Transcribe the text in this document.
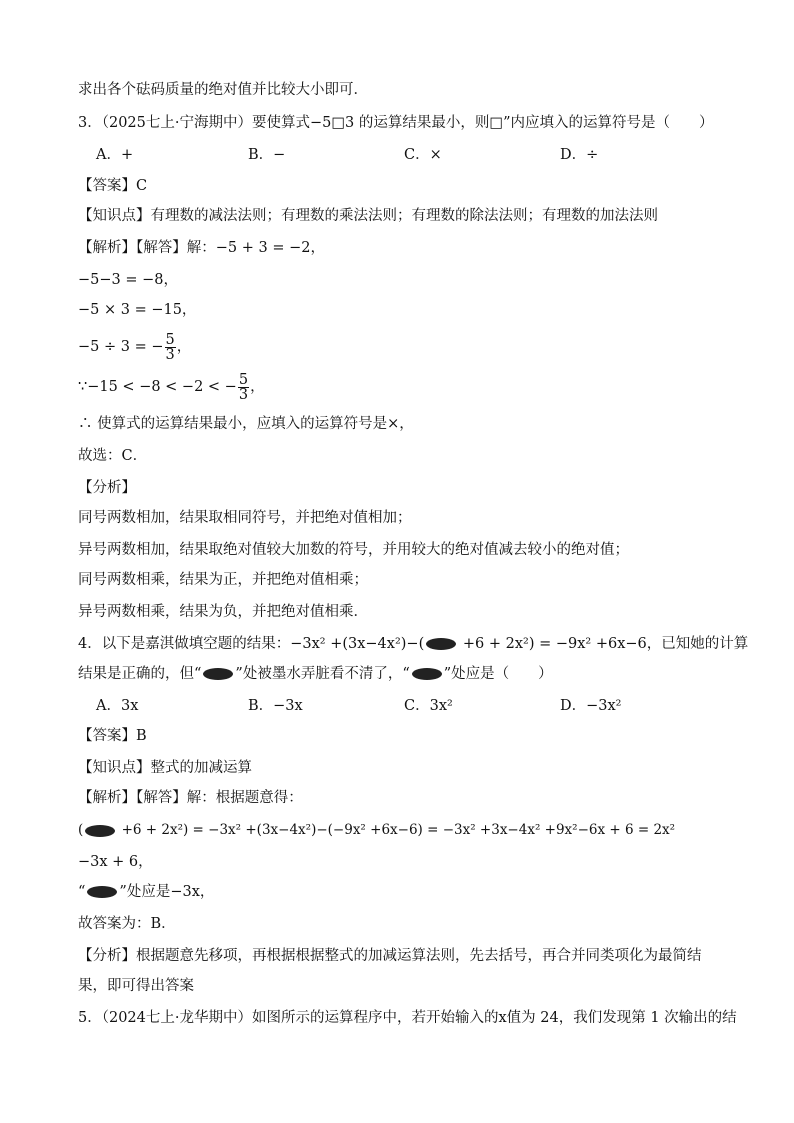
求出各个砝码质量的绝对值并比较大小即可．
3．（2025七上·宁海期中）要使算式−5□3 的运算结果最小，则□”内应填入的运算符号是（　　）
A．+	B．−	C．×	D．÷
【答案】C
【知识点】有理数的减法法则；有理数的乘法法则；有理数的除法法则；有理数的加法法则
【解析】【解答】解：−5 + 3 = −2，
−5−3 = −8，
−5 × 3 = −15，
−5 ÷ 3 = − $\frac{5}{3}$ ，
∵−15 < −8 < −2 < − $\frac{5}{3}$ ，
∴ 使算式的运算结果最小，应填入的运算符号是×，
故选：C．
【分析】
同号两数相加，结果取相同符号，并把绝对值相加；
异号两数相加，结果取绝对值较大加数的符号，并用较大的绝对值减去较小的绝对值；
同号两数相乘，结果为正，并把绝对值相乘；
异号两数相乘，结果为负，并把绝对值相乘．
4．以下是嘉淇做填空题的结果：−3x² +(3x−4x²)−( +6 + 2x²) = −9x² +6x−6，已知她的计算
结果是正确的，但“ ”处被墨水弄脏看不清了，“ ”处应是（　　）
A．3x	B．−3x	C．3x²	D．−3x²
【答案】B
【知识点】整式的加减运算
【解析】【解答】解：根据题意得：
(	+6 + 2x²) = −3x² +(3x−4x²)−(−9x² +6x−6) = −3x² +3x−4x² +9x²−6x + 6 = 2x²
−3x + 6，
“ ”处应是−3x，
故答案为：B．
【分析】根据题意先移项，再根据根据整式的加减运算法则，先去括号，再合并同类项化为最简结
果，即可得出答案
5．（2024七上·龙华期中）如图所示的运算程序中，若开始输入的x值为 24，我们发现第 1 次输出的结
